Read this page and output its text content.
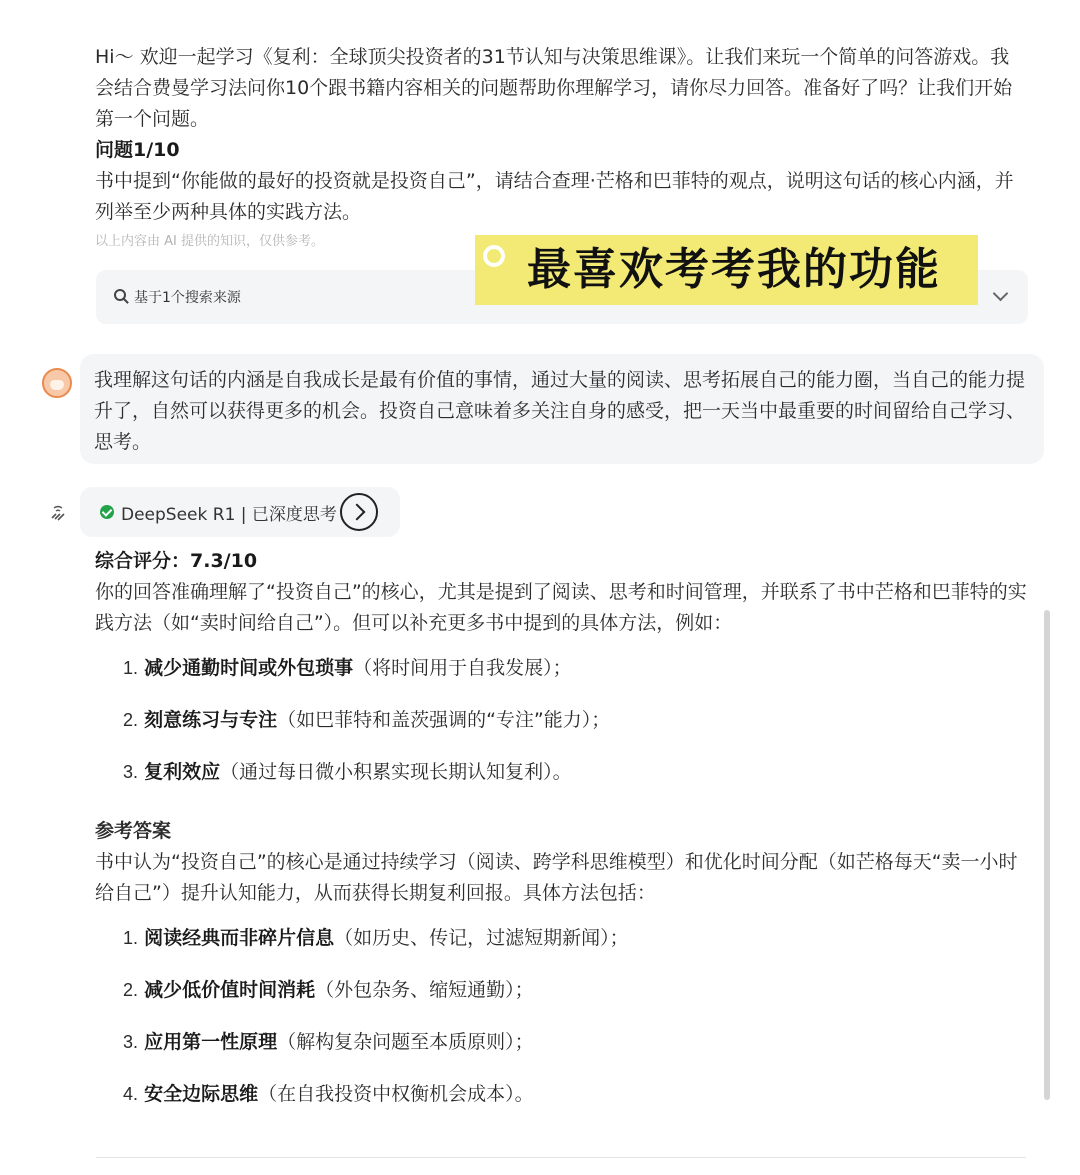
Hi～ 欢迎一起学习《复利：全球顶尖投资者的31节认知与决策思维课》。让我们来玩一个简单的问答游戏。我会结合费曼学习法问你10个跟书籍内容相关的问题帮助你理解学习，请你尽力回答。准备好了吗？让我们开始第一个问题。

问题1/10

书中提到“你能做的最好的投资就是投资自己”，请结合查理·芒格和巴菲特的观点，说明这句话的核心内涵，并列举至少两种具体的实践方法。

以上内容由 AI 提供的知识，仅供参考。
基于1个搜索来源
最喜欢考考我的功能
我理解这句话的内涵是自我成长是最有价值的事情，通过大量的阅读、思考拓展自己的能力圈，当自己的能力提升了，自然可以获得更多的机会。投资自己意味着多关注自身的感受，把一天当中最重要的时间留给自己学习、思考。
DeepSeek R1 | 已深度思考

综合评分：7.3/10

你的回答准确理解了“投资自己”的核心，尤其是提到了阅读、思考和时间管理，并联系了书中芒格和巴菲特的实践方法（如“卖时间给自己”）。但可以补充更多书中提到的具体方法，例如：

1. 减少通勤时间或外包琐事（将时间用于自我发展）；
2. 刻意练习与专注（如巴菲特和盖茨强调的“专注”能力）；
3. 复利效应（通过每日微小积累实现长期认知复利）。
参考答案

书中认为“投资自己”的核心是通过持续学习（阅读、跨学科思维模型）和优化时间分配（如芒格每天“卖一小时给自己”）提升认知能力，从而获得长期复利回报。具体方法包括：

1. 阅读经典而非碎片信息（如历史、传记，过滤短期新闻）；
2. 减少低价值时间消耗（外包杂务、缩短通勤）；
3. 应用第一性原理（解构复杂问题至本质原则）；
4. 安全边际思维（在自我投资中权衡机会成本）。
